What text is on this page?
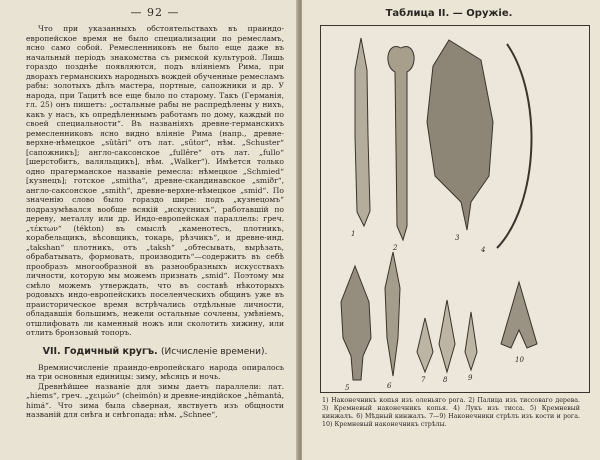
— 92 —

Что при указанныхъ обстоятельствахъ въ праиндо-европейское время не было специализации по ремесламъ, ясно само собой. Ремесленниковъ не было еще даже въ начальный періодъ знакомства съ римской культурой. Лишь гораздо позднѣе появляются, подъ вліяніемъ Рима, при дворахъ германскихъ народныхъ вождей обученные ремесламъ рабы: золотыхъ дѣлъ мастера, портные, сапожники и др. У народа, при Тацитѣ все еще было по старому. Такъ (Германія, гл. 25) онъ пишетъ: „остальные рабы не распредѣлены у нихъ, какъ у насъ, къ опредѣленнымъ работамъ по дому, каждый по своей специальности“. Въ названіяхъ древне-германскихъ ремесленниковъ ясно видно вліяніе Рима (напр., древне-верхне-нѣмецкое „sûtâri“ отъ лат. „sûtor“, нѣм. „Schuster“ [сапожникъ]; англо-саксонское „fullêre“ отъ лат. „fullo“ [шерстобитъ, валяльщикъ], нѣм. „Walker“). Имѣется только одно прагерманское названіе ремесла: нѣмецкое „Schmied“ [кузнецъ]; готское „smitha“, древне-скандинавское „smiðr“, англо-саксонское „smith“, древне-верхне-нѣмецкое „smid“. По значенію слово было гораздо шире: подъ „кузнецомъ“ подразумѣвался вообще всякій „искусникъ“, работавшій по дереву, металлу или др. Индо-европейская параллель: греч. „τέκτων“ (tékton) въ смыслѣ „каменотесъ, плотникъ, корабельщикъ, вѣсовщикъ, токарь, рѣзчикъ“, и древне-инд. „takshan“ плотникъ, отъ „taksh“ „обтесывать, вырѣзать, обрабатывать, формовать, производить“—содержитъ въ себѣ прообразъ многообразной въ разнообразныхъ искусствахъ личности, которую мы можемъ признать „smid“. Поэтому мы смѣло можемъ утверждать, что въ составѣ нѣкоторыхъ родовыхъ индо-европейскихъ поселенческихъ общинъ уже въ праисторическое время встрѣчались отдѣльные личности, обладавшія большимъ, нежели остальные сочлены, умѣніемъ, отшлифовать ли каменный ножъ или сколотить хижину, или отлить бронзовый топоръ.

VII. Годичный кругъ. (Исчисленіе времени).

Времяисчисленіе праиндо-европейскаго народа опиралось на три основныя единицы: зиму, мѣсяцъ и ночь.

Древнѣйшее названіе для зимы даетъ параллели: лат. „hiems“, греч. „χειμών“ (cheimón) и древне-индійское „hêmantá, himá“. Что зима была сѣверная, явствуетъ изъ общности названій для снѣга и снѣгопада: нѣм. „Schnee“,

Таблица II. — Оружіе.
1
2
3
4
5	6
7	8	9
10
1) Наконечникъ копья изъ оленьяго рога. 2) Палица изъ тиссоваго дерева. 3) Кремневый наконечникъ копья. 4) Лукъ изъ тисса. 5) Кремневый кинжалъ. 6) Мѣдный кинжалъ. 7—9) Наконечники стрѣлъ изъ кости и рога. 10) Кремневый наконечникъ стрѣлы.
